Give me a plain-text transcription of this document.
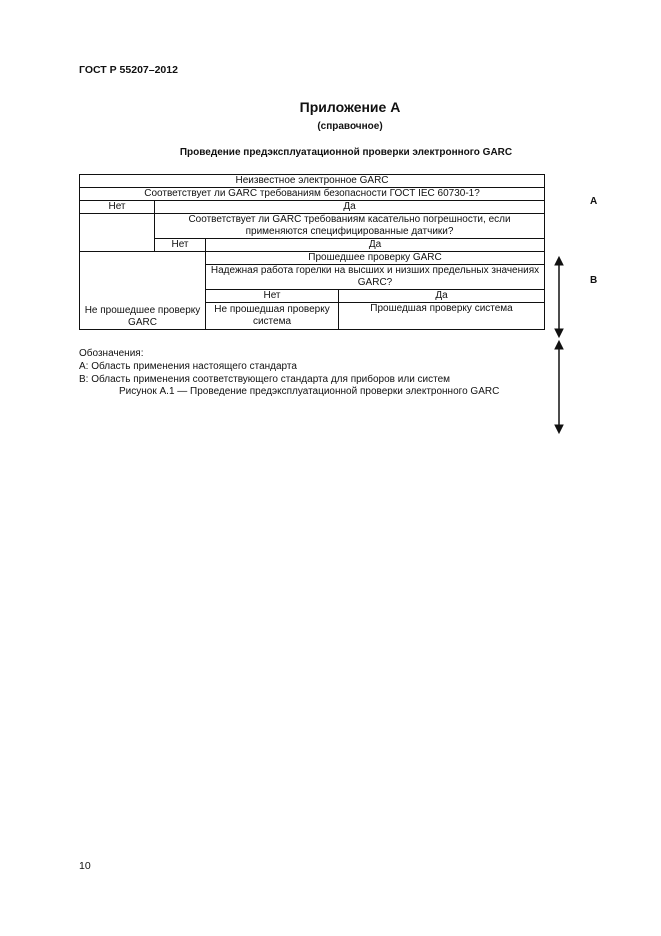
ГОСТ Р 55207–2012
Приложение А
(справочное)
Проведение предэксплуатационной проверки электронного GARC
Неизвестное электронное GARC			
Соответствует ли GARC требованиям безопасности ГОСТ IEC 60730-1?			
Нет	Да		
	Соответствует ли GARC требованиям касательно погрешности, если применяются специфицированные датчики?		
	Нет	Да	
Не прошедшее проверку GARC		Прошедшее проверку GARC	
		Надежная работа горелки на высших и низших предельных значениях GARC?	
		Нет	Да
		Не прошедшая проверку система	Прошедшая проверку система
А
В
Обозначения:
А: Область применения настоящего стандарта
В: Область применения соответствующего стандарта для приборов или систем
Рисунок А.1 — Проведение предэксплуатационной проверки электронного GARC
10
